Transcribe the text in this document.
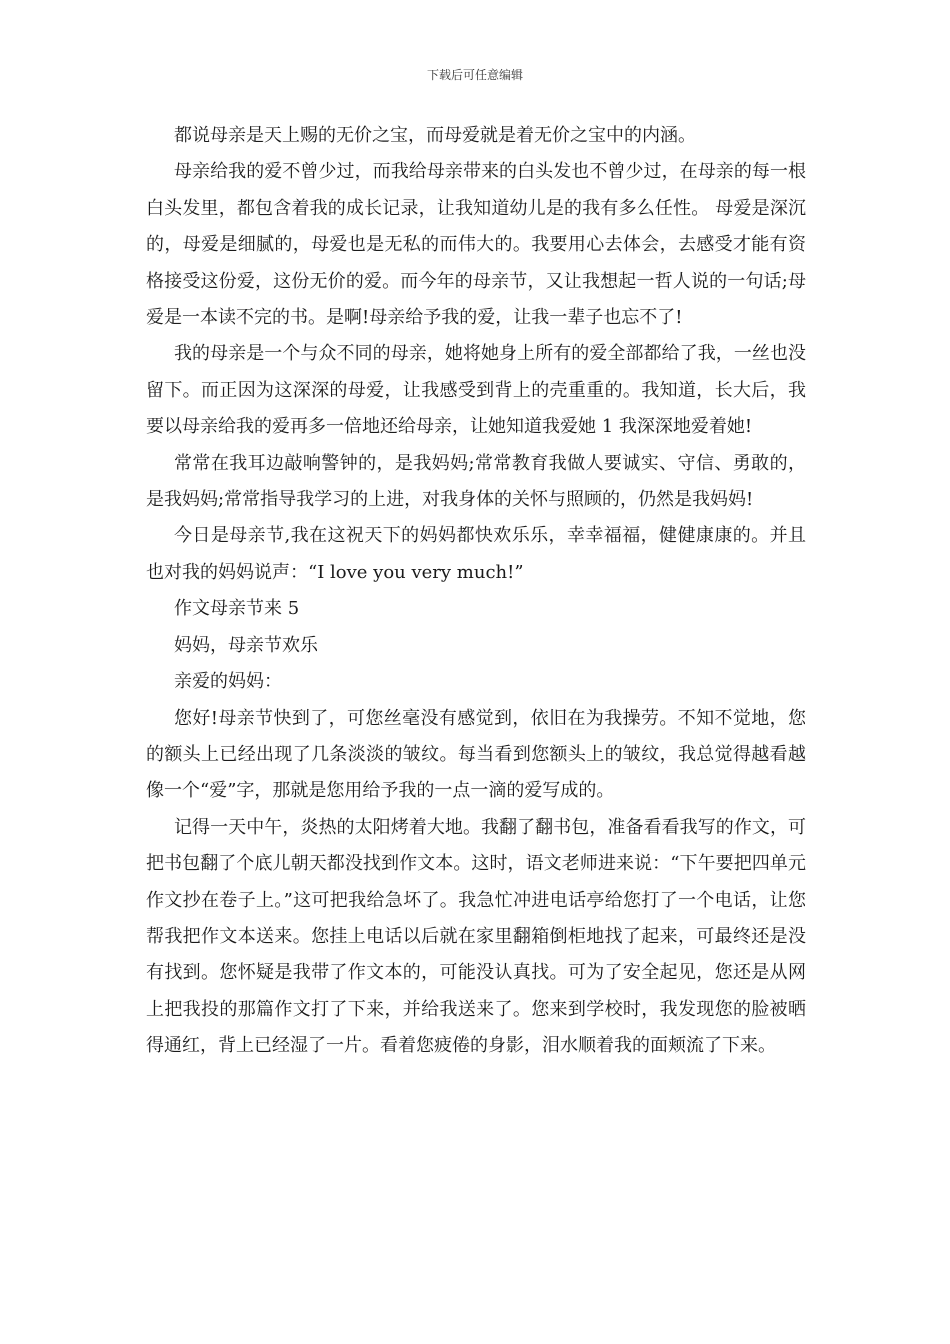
下载后可任意编辑

都说母亲是天上赐的无价之宝，而母爱就是着无价之宝中的内涵。

母亲给我的爱不曾少过，而我给母亲带来的白头发也不曾少过，在母亲的每一根白头发里，都包含着我的成长记录，让我知道幼儿是的我有多么任性。 母爱是深沉的，母爱是细腻的，母爱也是无私的而伟大的。我要用心去体会，去感受才能有资格接受这份爱，这份无价的爱。而今年的母亲节，又让我想起一哲人说的一句话;母爱是一本读不完的书。是啊!母亲给予我的爱，让我一辈子也忘不了!

我的母亲是一个与众不同的母亲，她将她身上所有的爱全部都给了我，一丝也没留下。而正因为这深深的母爱，让我感受到背上的壳重重的。我知道，长大后，我要以母亲给我的爱再多一倍地还给母亲，让她知道我爱她 1 我深深地爱着她!

常常在我耳边敲响警钟的，是我妈妈;常常教育我做人要诚实、守信、勇敢的，是我妈妈;常常指导我学习的上进，对我身体的关怀与照顾的，仍然是我妈妈!

今日是母亲节,我在这祝天下的妈妈都快欢乐乐，幸幸福福，健健康康的。并且也对我的妈妈说声：“I love you very much!”

作文母亲节来 5

妈妈，母亲节欢乐

亲爱的妈妈：

您好!母亲节快到了，可您丝毫没有感觉到，依旧在为我操劳。不知不觉地，您的额头上已经出现了几条淡淡的皱纹。每当看到您额头上的皱纹，我总觉得越看越像一个“爱”字，那就是您用给予我的一点一滴的爱写成的。

记得一天中午，炎热的太阳烤着大地。我翻了翻书包，准备看看我写的作文，可把书包翻了个底儿朝天都没找到作文本。这时，语文老师进来说：“下午要把四单元作文抄在卷子上。”这可把我给急坏了。我急忙冲进电话亭给您打了一个电话，让您帮我把作文本送来。您挂上电话以后就在家里翻箱倒柜地找了起来，可最终还是没有找到。您怀疑是我带了作文本的，可能没认真找。可为了安全起见，您还是从网上把我投的那篇作文打了下来，并给我送来了。您来到学校时，我发现您的脸被晒得通红，背上已经湿了一片。看着您疲倦的身影，泪水顺着我的面颊流了下来。
